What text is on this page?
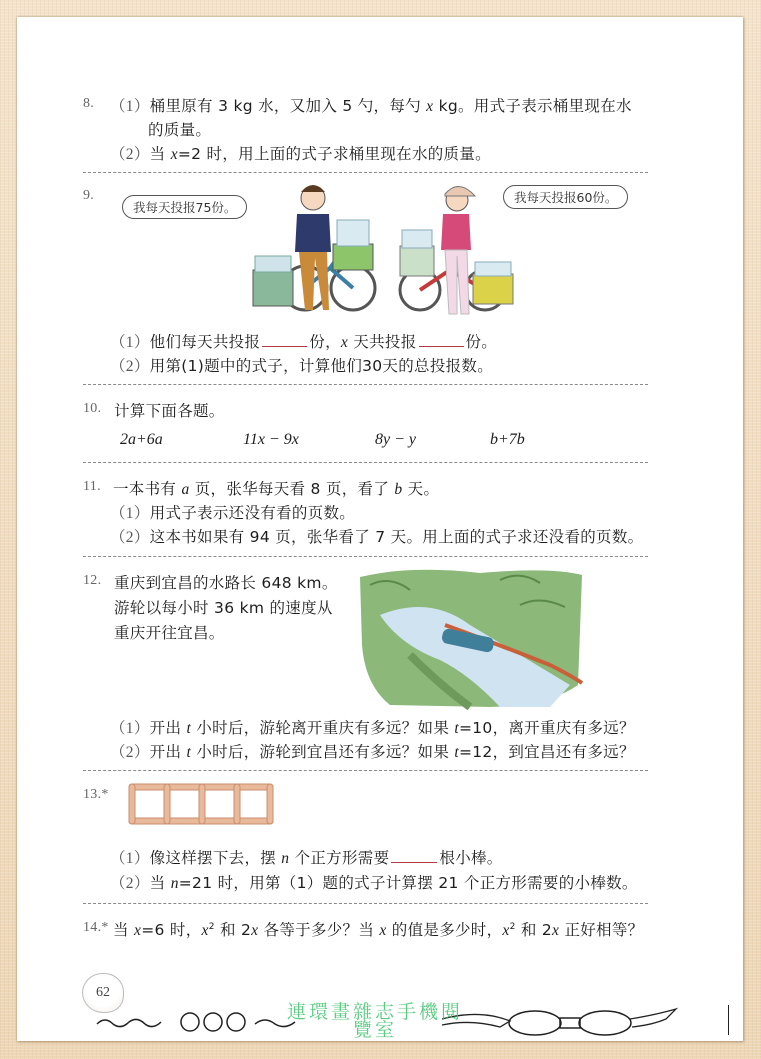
8. （1）桶里原有 3 kg 水，又加入 5 勺，每勺 x kg。用式子表示桶里现在水
的质量。
（2）当 x=2 时，用上面的式子求桶里现在水的质量。
9.
我每天投报75份。
我每天投报60份。
（1）他们每天共投报	份，x 天共投报	份。
（2）用第(1)题中的式子，计算他们30天的总投报数。
10. 计算下面各题。
2a+6a	11x − 9x	8y − y	b+7b
11. 一本书有 a 页，张华每天看 8 页，看了 b 天。
（1）用式子表示还没有看的页数。
（2）这本书如果有 94 页，张华看了 7 天。用上面的式子求还没看的页数。
12. 重庆到宜昌的水路长 648 km。
游轮以每小时 36 km 的速度从
重庆开往宜昌。
（1）开出 t 小时后，游轮离开重庆有多远？如果 t=10，离开重庆有多远？
（2）开出 t 小时后，游轮到宜昌还有多远？如果 t=12，到宜昌还有多远？
13.*
（1）像这样摆下去，摆 n 个正方形需要	根小棒。
（2）当 n=21 时，用第（1）题的式子计算摆 21 个正方形需要的小棒数。
14.* 当 x=6 时，$x^2$ 和 2x 各等于多少？当 x 的值是多少时，$x^2$ 和 2x 正好相等？
62
連環畫雜志手機閱
覽室
